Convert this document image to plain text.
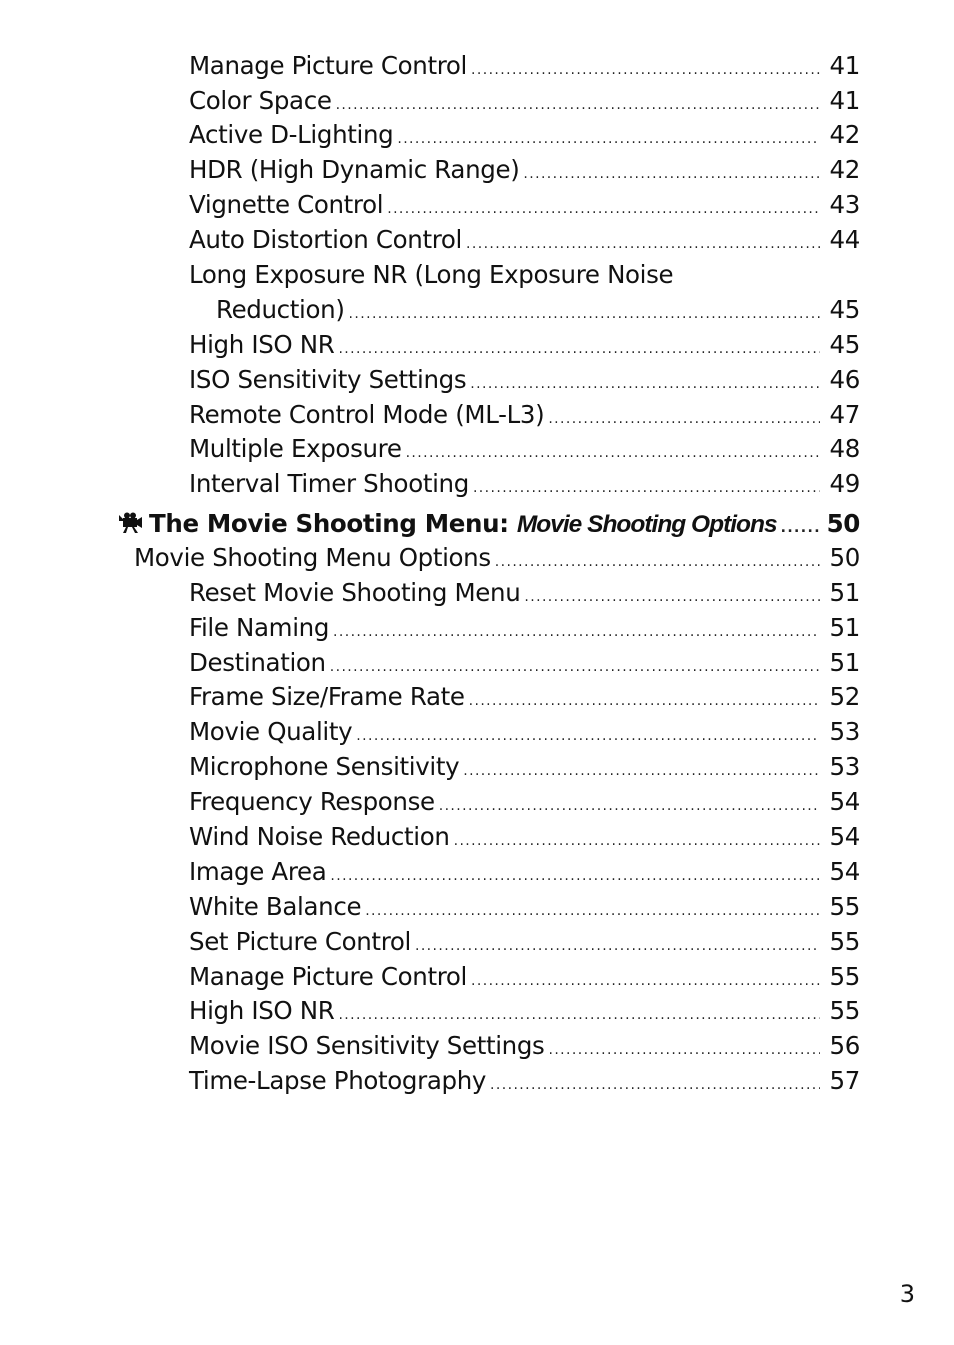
Manage Picture Control .....	41
Color Space .....	41
Active D-Lighting .....	42
HDR (High Dynamic Range) .....	42
Vignette Control .....	43
Auto Distortion Control .....	44
Long Exposure NR (Long Exposure Noise
Reduction) .....	45
High ISO NR .....	45
ISO Sensitivity Settings .....	46
Remote Control Mode (ML-L3) .....	47
Multiple Exposure .....	48
Interval Timer Shooting .....	49
The Movie Shooting Menu: Movie Shooting Options ..... 50
Movie Shooting Menu Options .....	50
Reset Movie Shooting Menu .....	51
File Naming .....	51
Destination .....	51
Frame Size/Frame Rate .....	52
Movie Quality .....	53
Microphone Sensitivity .....	53
Frequency Response .....	54
Wind Noise Reduction .....	54
Image Area .....	54
White Balance .....	55
Set Picture Control .....	55
Manage Picture Control .....	55
High ISO NR .....	55
Movie ISO Sensitivity Settings .....	56
Time-Lapse Photography .....	57
3
